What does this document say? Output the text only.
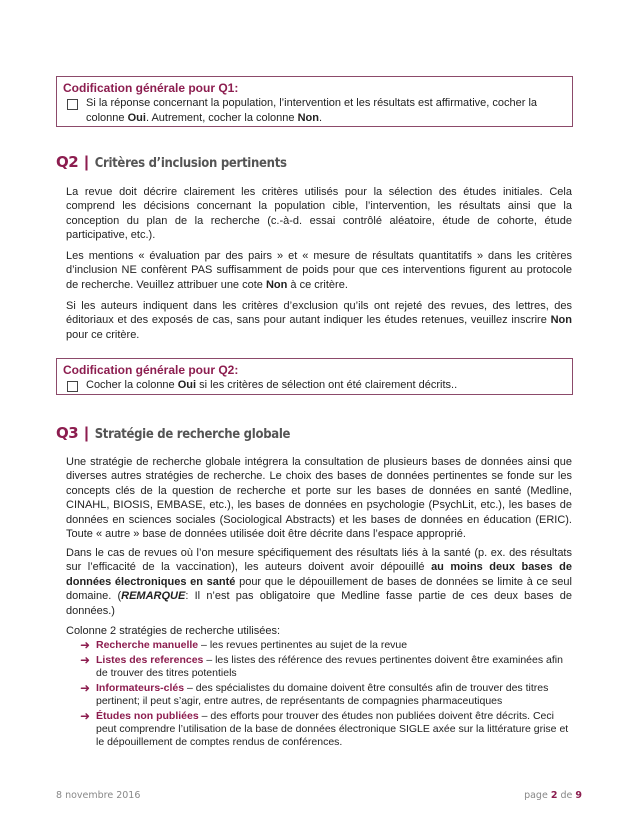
Codification générale pour Q1:
Si la réponse concernant la population, l’intervention et les résultats est affirmative, cocher la colonne Oui. Autrement, cocher la colonne Non.
Q2 | Critères d’inclusion pertinents

La revue doit décrire clairement les critères utilisés pour la sélection des études initiales. Cela comprend les décisions concernant la population cible, l’intervention, les résultats ainsi que la conception du plan de la recherche (c.-à-d. essai contrôlé aléatoire, étude de cohorte, étude participative, etc.).

Les mentions « évaluation par des pairs » et « mesure de résultats quantitatifs » dans les critères d’inclusion NE confèrent PAS suffisamment de poids pour que ces interventions figurent au protocole de recherche. Veuillez attribuer une cote Non à ce critère.

Si les auteurs indiquent dans les critères d’exclusion qu’ils ont rejeté des revues, des lettres, des éditoriaux et des exposés de cas, sans pour autant indiquer les études retenues, veuillez inscrire Non pour ce critère.

Codification générale pour Q2:
Cocher la colonne Oui si les critères de sélection ont été clairement décrits..
Q3 | Stratégie de recherche globale

Une stratégie de recherche globale intégrera la consultation de plusieurs bases de données ainsi que diverses autres stratégies de recherche. Le choix des bases de données pertinentes se fonde sur les concepts clés de la question de recherche et porte sur les bases de données en santé (Medline, CINAHL, BIOSIS, EMBASE, etc.), les bases de données en psychologie (PsychLit, etc.), les bases de données en sciences sociales (Sociological Abstracts) et les bases de données en éducation (ERIC). Toute « autre » base de données utilisée doit être décrite dans l’espace approprié.

Dans le cas de revues où l’on mesure spécifiquement des résultats liés à la santé (p. ex. des résultats sur l’efficacité de la vaccination), les auteurs doivent avoir dépouillé au moins deux bases de données électroniques en santé pour que le dépouillement de bases de données se limite à ce seul domaine. (REMARQUE: Il n’est pas obligatoire que Medline fasse partie de ces deux bases de données.)

Colonne 2 stratégies de recherche utilisées:

➜ Recherche manuelle – les revues pertinentes au sujet de la revue
➜ Listes des references – les listes des référence des revues pertinentes doivent être examinées afin de trouver des titres potentiels
➜ Informateurs-clés – des spécialistes du domaine doivent être consultés afin de trouver des titres pertinent; il peut s’agir, entre autres, de représentants de compagnies pharmaceutiques
➜ Études non publiées – des efforts pour trouver des études non publiées doivent être décrits. Ceci peut comprendre l’utilisation de la base de données électronique SIGLE axée sur la littérature grise et le dépouillement de comptes rendus de conférences.
8 novembre 2016	page 2 de 9
